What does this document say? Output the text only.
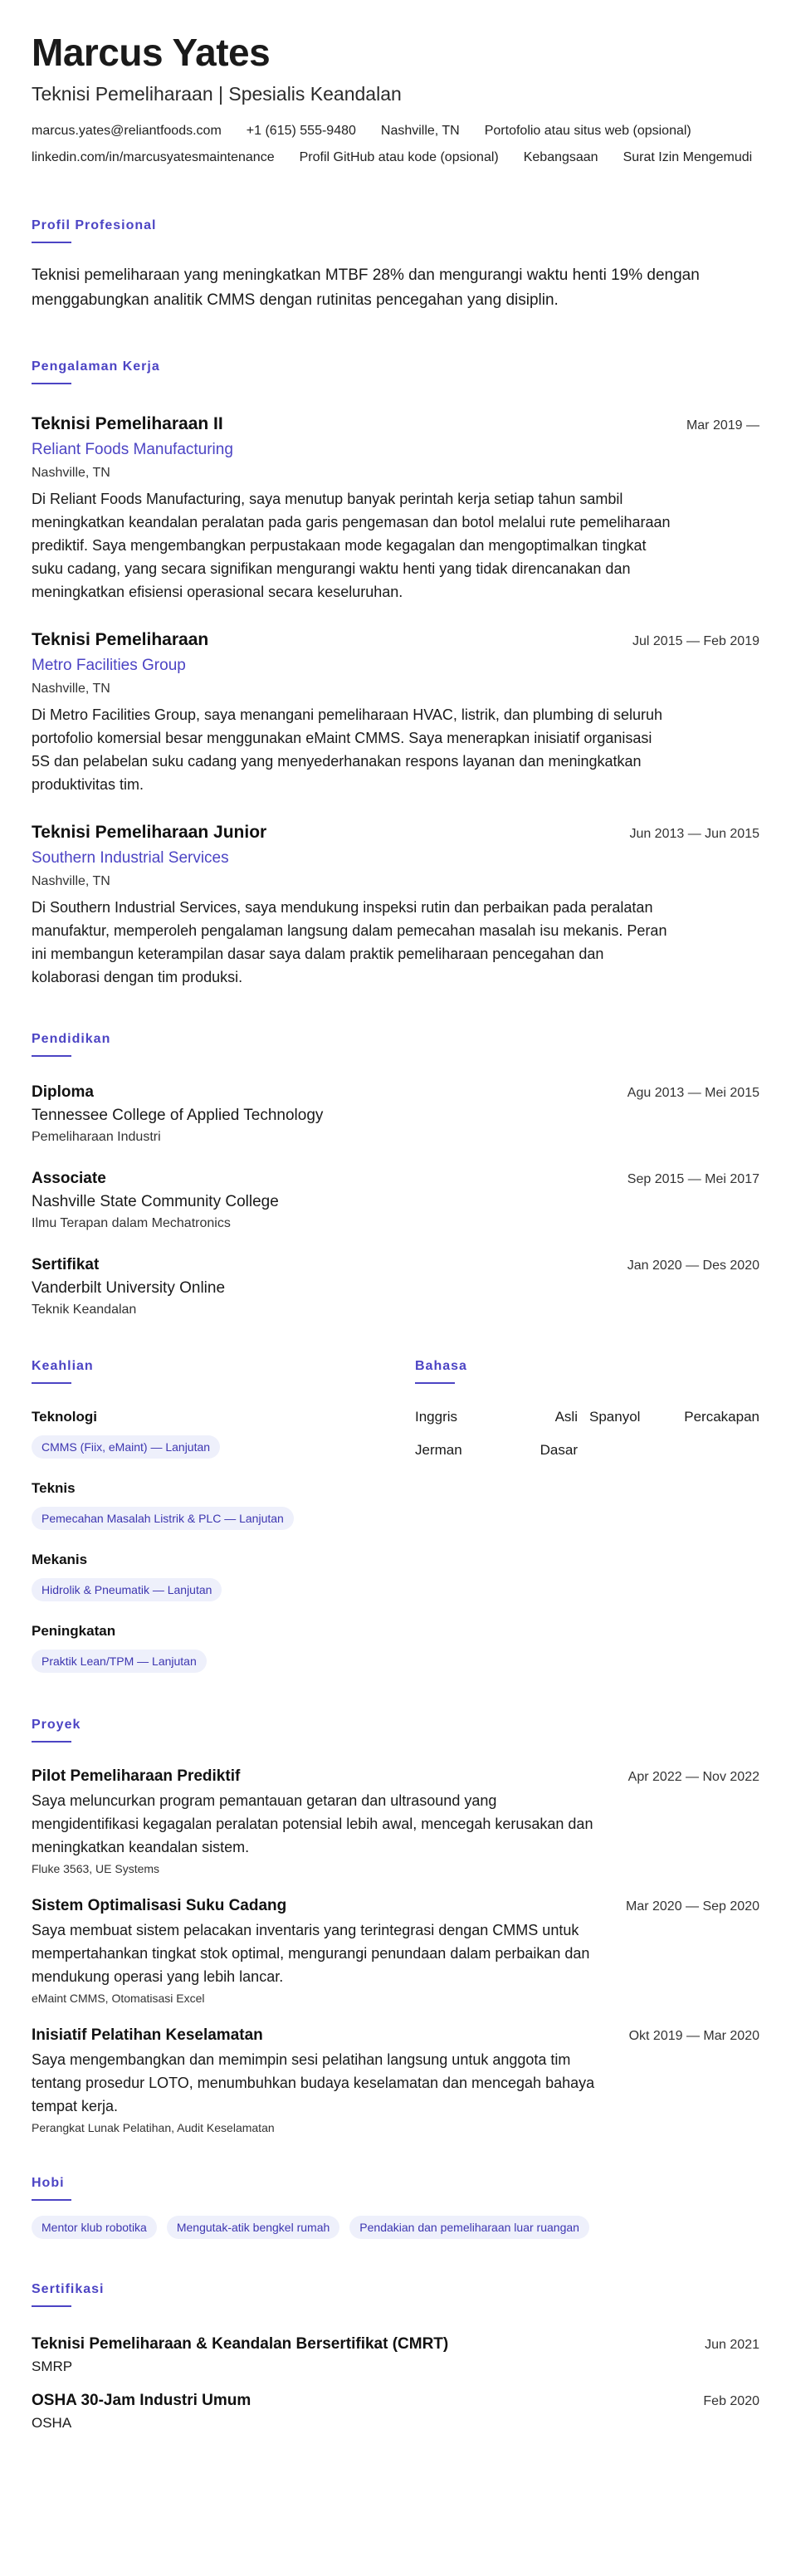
Marcus Yates
Teknisi Pemeliharaan | Spesialis Keandalan
marcus.yates@reliantfoods.com +1 (615) 555-9480 Nashville, TN Portofolio atau situs web (opsional)
linkedin.com/in/marcusyatesmaintenance Profil GitHub atau kode (opsional) Kebangsaan Surat Izin Mengemudi
Profil Profesional

Teknisi pemeliharaan yang meningkatkan MTBF 28% dan mengurangi waktu henti 19% dengan menggabungkan analitik CMMS dengan rutinitas pencegahan yang disiplin.

Pengalaman Kerja
Teknisi Pemeliharaan II	Mar 2019 —
Reliant Foods Manufacturing
Nashville, TN

Di Reliant Foods Manufacturing, saya menutup banyak perintah kerja setiap tahun sambil meningkatkan keandalan peralatan pada garis pengemasan dan botol melalui rute pemeliharaan prediktif. Saya mengembangkan perpustakaan mode kegagalan dan mengoptimalkan tingkat suku cadang, yang secara signifikan mengurangi waktu henti yang tidak direncanakan dan meningkatkan efisiensi operasional secara keseluruhan.

Teknisi Pemeliharaan	Jul 2015 — Feb 2019
Metro Facilities Group
Nashville, TN

Di Metro Facilities Group, saya menangani pemeliharaan HVAC, listrik, dan plumbing di seluruh portofolio komersial besar menggunakan eMaint CMMS. Saya menerapkan inisiatif organisasi 5S dan pelabelan suku cadang yang menyederhanakan respons layanan dan meningkatkan produktivitas tim.

Teknisi Pemeliharaan Junior	Jun 2013 — Jun 2015
Southern Industrial Services
Nashville, TN

Di Southern Industrial Services, saya mendukung inspeksi rutin dan perbaikan pada peralatan manufaktur, memperoleh pengalaman langsung dalam pemecahan masalah isu mekanis. Peran ini membangun keterampilan dasar saya dalam praktik pemeliharaan pencegahan dan kolaborasi dengan tim produksi.

Pendidikan
Diploma	Agu 2013 — Mei 2015
Tennessee College of Applied Technology
Pemeliharaan Industri
Associate	Sep 2015 — Mei 2017
Nashville State Community College
Ilmu Terapan dalam Mechatronics
Sertifikat	Jan 2020 — Des 2020
Vanderbilt University Online
Teknik Keandalan
Keahlian
Teknologi
CMMS (Fiix, eMaint) — Lanjutan
Teknis
Pemecahan Masalah Listrik & PLC — Lanjutan
Mekanis
Hidrolik & Pneumatik — Lanjutan
Peningkatan
Praktik Lean/TPM — Lanjutan
Bahasa
Inggris	Asli Spanyol	Percakapan
Jerman	Dasar
Proyek
Pilot Pemeliharaan Prediktif	Apr 2022 — Nov 2022

Saya meluncurkan program pemantauan getaran dan ultrasound yang mengidentifikasi kegagalan peralatan potensial lebih awal, mencegah kerusakan dan meningkatkan keandalan sistem.

Fluke 3563, UE Systems
Sistem Optimalisasi Suku Cadang	Mar 2020 — Sep 2020

Saya membuat sistem pelacakan inventaris yang terintegrasi dengan CMMS untuk mempertahankan tingkat stok optimal, mengurangi penundaan dalam perbaikan dan mendukung operasi yang lebih lancar.

eMaint CMMS, Otomatisasi Excel
Inisiatif Pelatihan Keselamatan	Okt 2019 — Mar 2020

Saya mengembangkan dan memimpin sesi pelatihan langsung untuk anggota tim tentang prosedur LOTO, menumbuhkan budaya keselamatan dan mencegah bahaya tempat kerja.

Perangkat Lunak Pelatihan, Audit Keselamatan
Hobi
Mentor klub robotika	Mengutak-atik bengkel rumah	Pendakian dan pemeliharaan luar ruangan
Sertifikasi
Teknisi Pemeliharaan & Keandalan Bersertifikat (CMRT)	Jun 2021
SMRP
OSHA 30-Jam Industri Umum	Feb 2020
OSHA
